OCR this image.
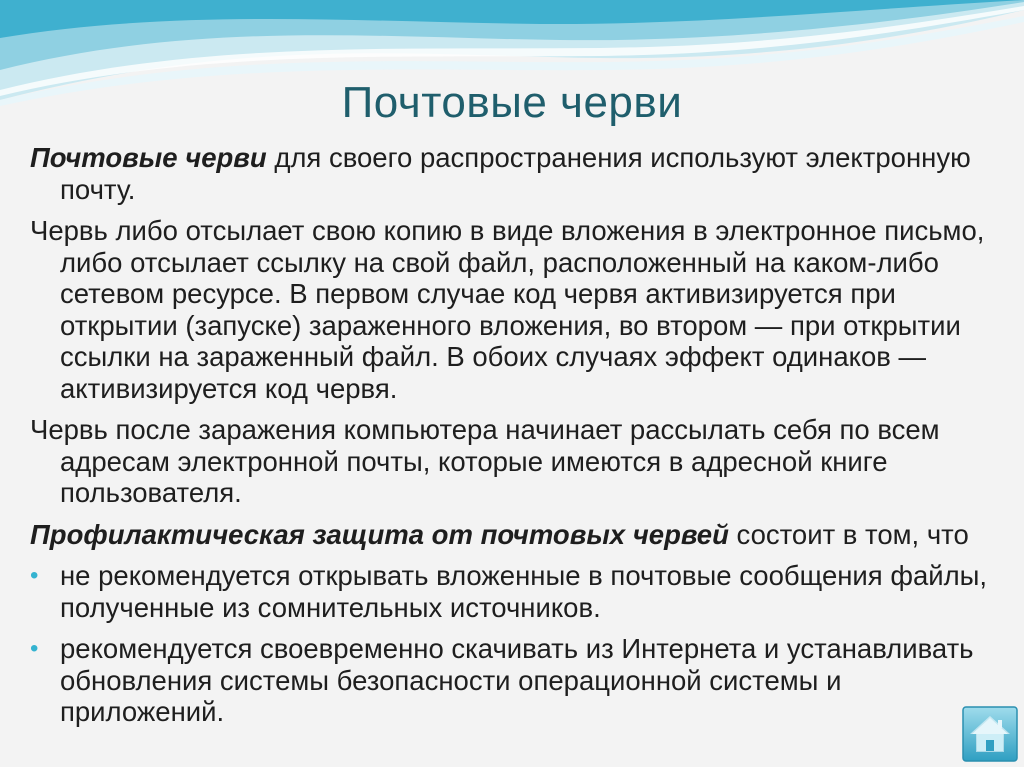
Почтовые черви

Почтовые черви для своего распространения используют электронную почту.

Червь либо отсылает свою копию в виде вложения в электронное письмо, либо отсылает ссылку на свой файл, расположенный на каком-либо сетевом ресурсе. В первом случае код червя активизируется при открытии (запуске) зараженного вложения, во втором — при открытии ссылки на зараженный файл. В обоих случаях эффект одинаков — активизируется код червя.

Червь после заражения компьютера начинает рассылать себя по всем адресам электронной почты, которые имеются в адресной книге пользователя.

Профилактическая защита от почтовых червей состоит в том, что

• не рекомендуется открывать вложенные в почтовые сообщения файлы, полученные из сомнительных источников.
• рекомендуется своевременно скачивать из Интернета и устанавливать обновления системы безопасности операционной системы и приложений.
